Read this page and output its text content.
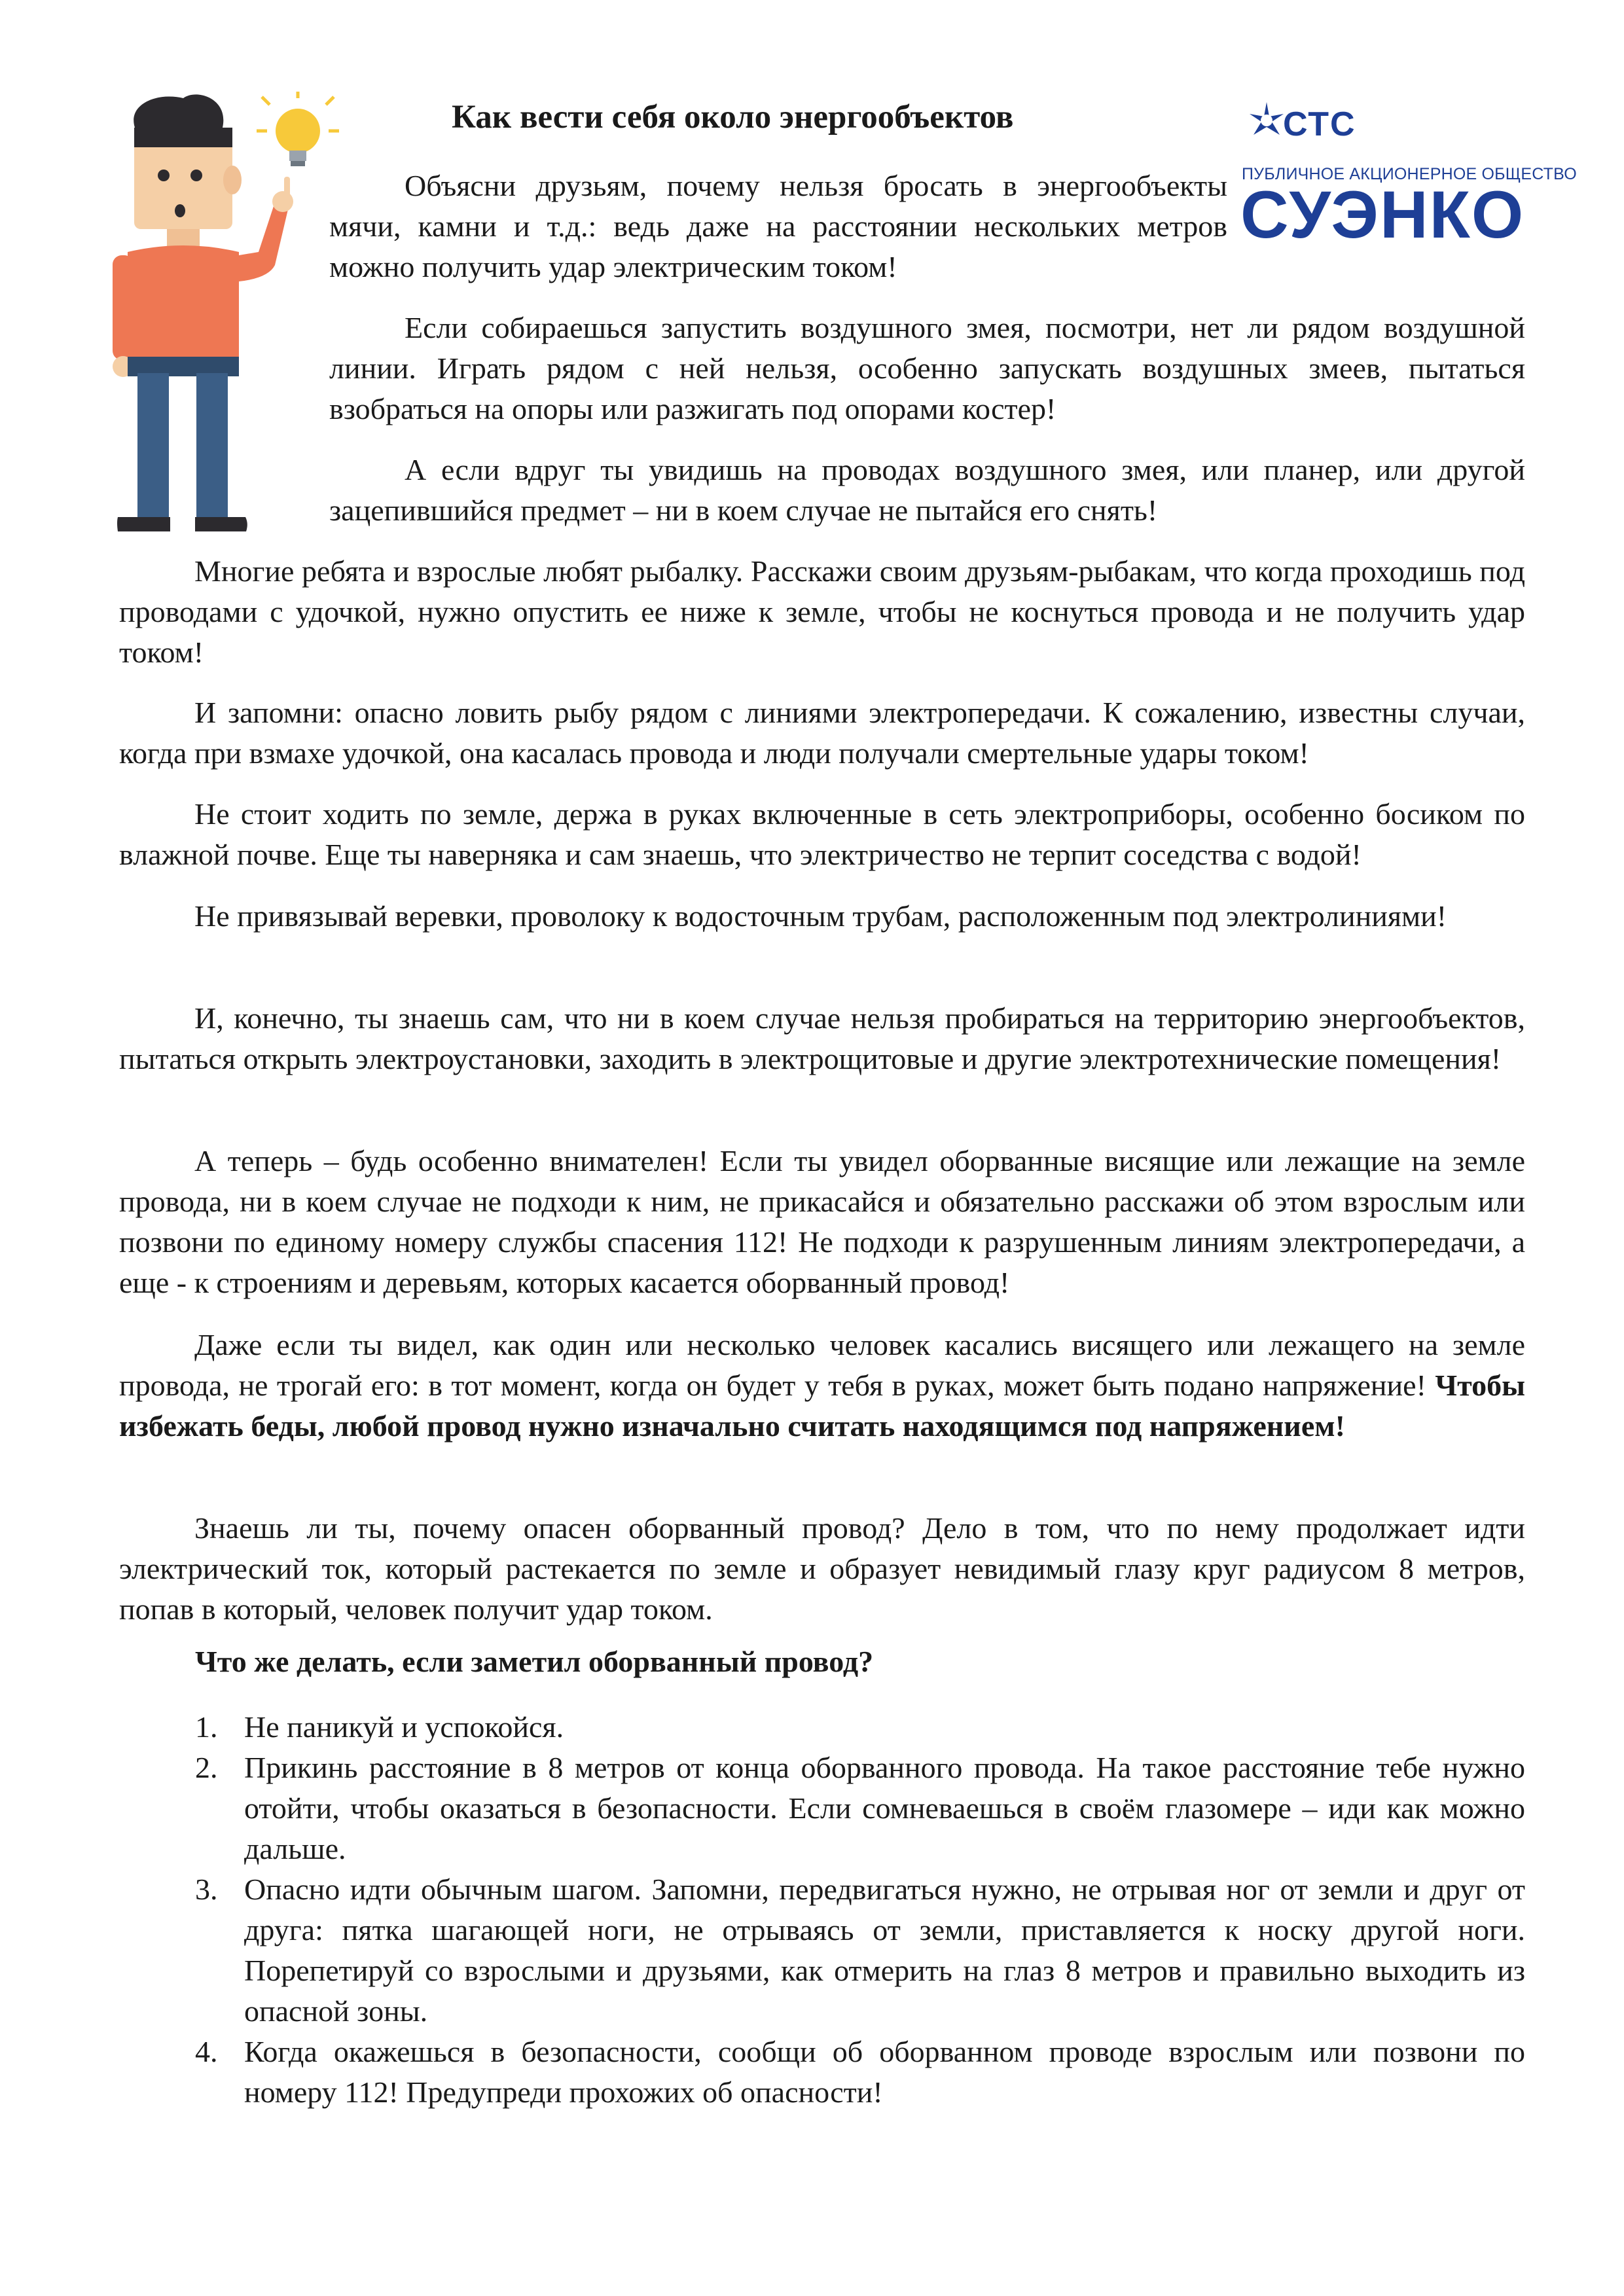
Как вести себя около энергообъектов	СТС
ПУБЛИЧНОЕ АКЦИОНЕРНОЕ ОБЩЕСТВО
СУЭНКО

Объясни друзьям, почему нельзя бросать в энергообъекты мячи, камни и т.д.: ведь даже на расстоянии нескольких метров можно получить удар электрическим током!

Если собираешься запустить воздушного змея, посмотри, нет ли рядом воздушной линии. Играть рядом с ней нельзя, особенно запускать воздушных змеев, пытаться взобраться на опоры или разжигать под опорами костер!

А если вдруг ты увидишь на проводах воздушного змея, или планер, или другой зацепившийся предмет – ни в коем случае не пытайся его снять!

Многие ребята и взрослые любят рыбалку. Расскажи своим друзьям-рыбакам, что когда проходишь под проводами с удочкой, нужно опустить ее ниже к земле, чтобы не коснуться провода и не получить удар током!

И запомни: опасно ловить рыбу рядом с линиями электропередачи. К сожалению, известны случаи, когда при взмахе удочкой, она касалась провода и люди получали смертельные удары током!

Не стоит ходить по земле, держа в руках включенные в сеть электроприборы, особенно босиком по влажной почве. Еще ты наверняка и сам знаешь, что электричество не терпит соседства с водой!

Не привязывай веревки, проволоку к водосточным трубам, расположенным под электролиниями!

И, конечно, ты знаешь сам, что ни в коем случае нельзя пробираться на территорию энергообъектов, пытаться открыть электроустановки, заходить в электрощитовые и другие электротехнические помещения!

А теперь – будь особенно внимателен! Если ты увидел оборванные висящие или лежащие на земле провода, ни в коем случае не подходи к ним, не прикасайся и обязательно расскажи об этом взрослым или позвони по единому номеру службы спасения 112! Не подходи к разрушенным линиям электропередачи, а еще - к строениям и деревьям, которых касается оборванный провод!

Даже если ты видел, как один или несколько человек касались висящего или лежащего на земле провода, не трогай его: в тот момент, когда он будет у тебя в руках, может быть подано напряжение! Чтобы избежать беды, любой провод нужно изначально считать находящимся под напряжением!

Знаешь ли ты, почему опасен оборванный провод? Дело в том, что по нему продолжает идти электрический ток, который растекается по земле и образует невидимый глазу круг радиусом 8 метров, попав в который, человек получит удар током.

Что же делать, если заметил оборванный провод?
1. Не паникуй и успокойся.
2. Прикинь расстояние в 8 метров от конца оборванного провода. На такое расстояние тебе нужно отойти, чтобы оказаться в безопасности. Если сомневаешься в своём глазомере – иди как можно дальше.
3. Опасно идти обычным шагом. Запомни, передвигаться нужно, не отрывая ног от земли и друг от друга: пятка шагающей ноги, не отрываясь от земли, приставляется к носку другой ноги. Порепетируй со взрослыми и друзьями, как отмерить на глаз 8 метров и правильно выходить из опасной зоны.
4. Когда окажешься в безопасности, сообщи об оборванном проводе взрослым или позвони по номеру 112! Предупреди прохожих об опасности!
